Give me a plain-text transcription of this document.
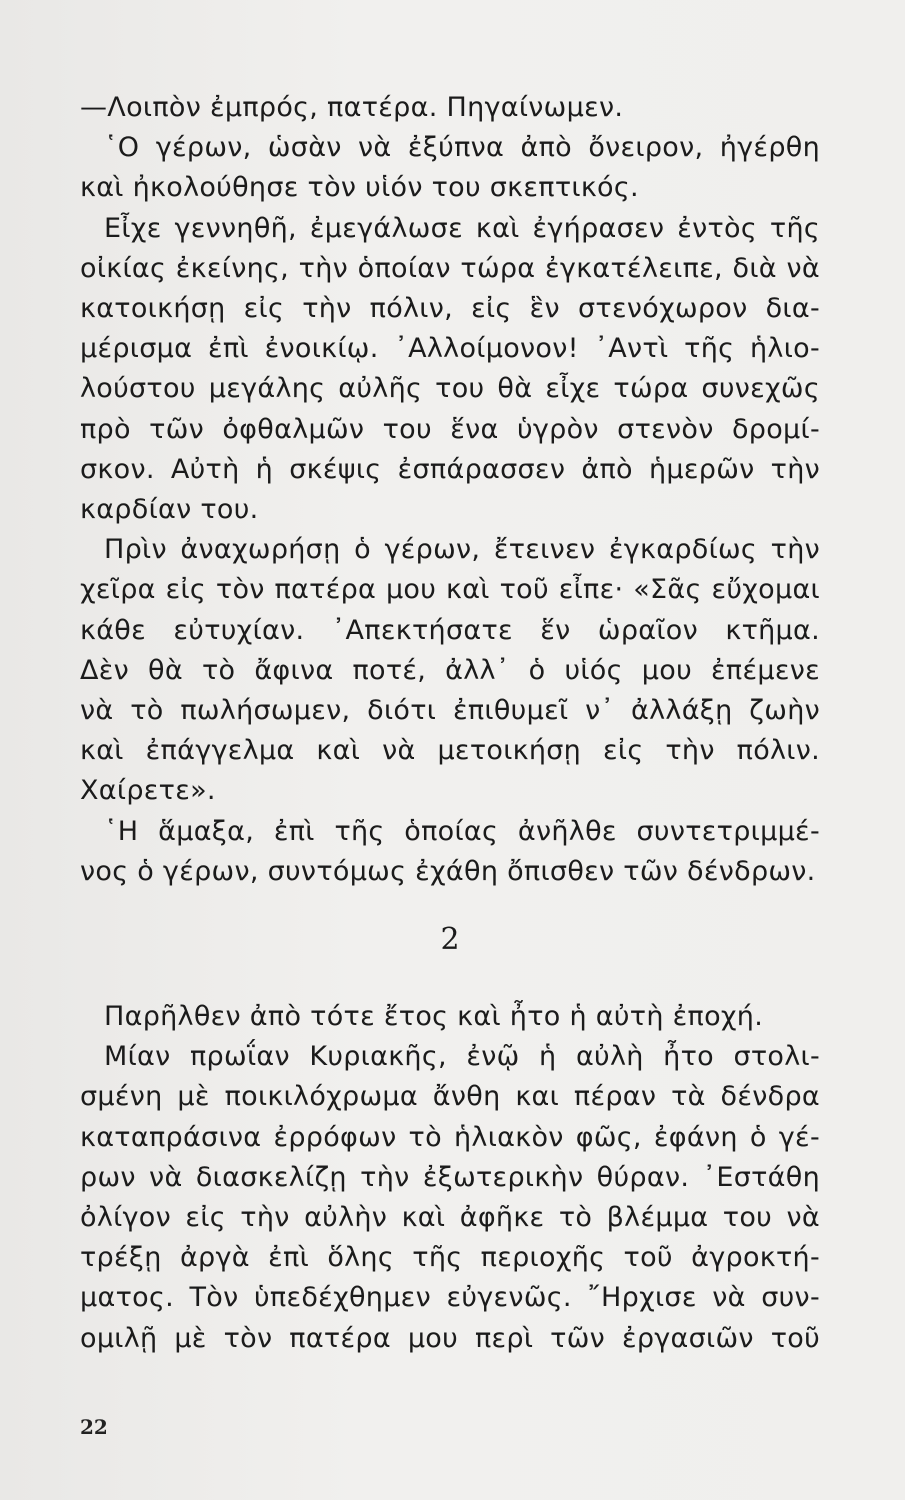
—Λοιπὸν ἐμπρός, πατέρα. Πηγαίνωμεν.
῾Ο γέρων, ὡσὰν νὰ ἐξύπνα ἀπὸ ὄνειρον, ἠγέρθη
καὶ ἠκολούθησε τὸν υἱόν του σκεπτικός.
Εἶχε γεννηθῆ, ἐμεγάλωσε καὶ ἐγήρασεν ἐντὸς τῆς
οἰκίας ἐκείνης, τὴν ὁποίαν τώρα ἐγκατέλειπε, διὰ νὰ
κατοικήσῃ εἰς τὴν πόλιν, εἰς ἓν στενόχωρον δια-
μέρισμα ἐπὶ ἐνοικίῳ. ᾿Αλλοίμονον! ᾿Αντὶ τῆς ἡλιο-
λούστου μεγάλης αὐλῆς του θὰ εἶχε τώρα συνεχῶς
πρὸ τῶν ὀφθαλμῶν του ἕνα ὑγρὸν στενὸν δρομί-
σκον. Αὐτὴ ἡ σκέψις ἐσπάρασσεν ἀπὸ ἡμερῶν τὴν
καρδίαν του.
Πρὶν ἀναχωρήσῃ ὁ γέρων, ἔτεινεν ἐγκαρδίως τὴν
χεῖρα εἰς τὸν πατέρα μου καὶ τοῦ εἶπε· «Σᾶς εὔχομαι
κάθε εὐτυχίαν. ᾿Απεκτήσατε ἕν ὡραῖον κτῆμα.
Δὲν θὰ τὸ ἄφινα ποτέ, ἀλλ᾿ ὁ υἱός μου ἐπέμενε
νὰ τὸ πωλήσωμεν, διότι ἐπιθυμεῖ ν᾿ ἀλλάξῃ ζωὴν
καὶ ἐπάγγελμα καὶ νὰ μετοικήσῃ εἰς τὴν πόλιν.
Χαίρετε».
῾Η ἅμαξα, ἐπὶ τῆς ὁποίας ἀνῆλθε συντετριμμέ-
νος ὁ γέρων, συντόμως ἐχάθη ὄπισθεν τῶν δένδρων.
2
Παρῆλθεν ἀπὸ τότε ἔτος καὶ ἦτο ἡ αὐτὴ ἐποχή.
Μίαν πρωΐαν Κυριακῆς, ἐνῷ ἡ αὐλὴ ἦτο στολι-
σμένη μὲ ποικιλόχρωμα ἄνθη και πέραν τὰ δένδρα
καταπράσινα ἐρρόφων τὸ ἡλιακὸν φῶς, ἐφάνη ὁ γέ-
ρων νὰ διασκελίζῃ τὴν ἐξωτερικὴν θύραν. ᾿Εστάθη
ὀλίγον εἰς τὴν αὐλὴν καὶ ἀφῆκε τὸ βλέμμα του νὰ
τρέξῃ ἀργὰ ἐπὶ ὅλης τῆς περιοχῆς τοῦ ἀγροκτή-
ματος. Τὸν ὑπεδέχθημεν εὐγενῶς. ῎Ηρχισε νὰ συν-
ομιλῇ μὲ τὸν πατέρα μου περὶ τῶν ἐργασιῶν τοῦ
22
